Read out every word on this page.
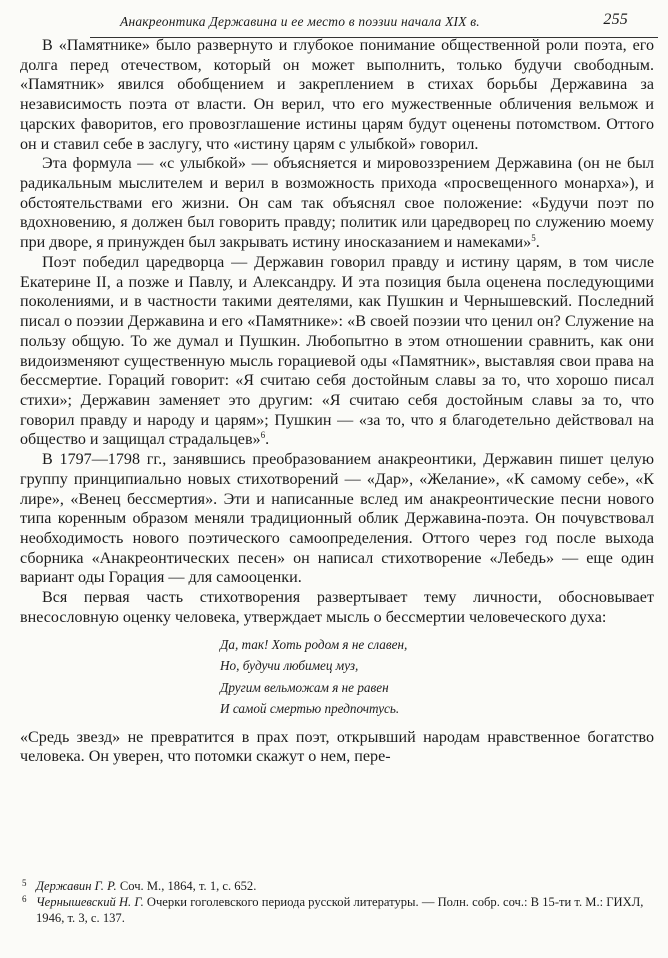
Анакреонтика Державина и ее место в поэзии начала XIX в.	255

В «Памятнике» было развернуто и глубокое понимание общественной роли поэта, его долга перед отечеством, который он может выполнить, только будучи свободным. «Памятник» явился обобщением и закреплением в стихах борьбы Державина за независимость поэта от власти. Он верил, что его мужественные обличения вельмож и царских фаворитов, его провозглашение истины царям будут оценены потомством. Оттого он и ставил себе в заслугу, что «истину царям с улыбкой» говорил.

Эта формула — «с улыбкой» — объясняется и мировоззрением Державина (он не был радикальным мыслителем и верил в возможность прихода «просвещенного монарха»), и обстоятельствами его жизни. Он сам так объяснял свое положение: «Будучи поэт по вдохновению, я должен был говорить правду; политик или царедворец по служению моему при дворе, я принужден был закрывать истину иносказанием и намеками»$^5$.

Поэт победил царедворца — Державин говорил правду и истину царям, в том числе Екатерине II, а позже и Павлу, и Александру. И эта позиция была оценена последующими поколениями, и в частности такими деятелями, как Пушкин и Чернышевский. Последний писал о поэзии Державина и его «Памятнике»: «В своей поэзии что ценил он? Служение на пользу общую. То же думал и Пушкин. Любопытно в этом отношении сравнить, как они видоизменяют существенную мысль горациевой оды «Памятник», выставляя свои права на бессмертие. Гораций говорит: «Я считаю себя достойным славы за то, что хорошо писал стихи»; Державин заменяет это другим: «Я считаю себя достойным славы за то, что говорил правду и народу и царям»; Пушкин — «за то, что я благодетельно действовал на общество и защищал страдальцев»$^6$.

В 1797—1798 гг., занявшись преобразованием анакреонтики, Державин пишет целую группу принципиально новых стихотворений — «Дар», «Желание», «К самому себе», «К лире», «Венец бессмертия». Эти и написанные вслед им анакреонтические песни нового типа коренным образом меняли традиционный облик Державина-поэта. Он почувствовал необходимость нового поэтического самоопределения. Оттого через год после выхода сборника «Анакреонтических песен» он написал стихотворение «Лебедь» — еще один вариант оды Горация — для самооценки.

Вся первая часть стихотворения развертывает тему личности, обосновывает внесословную оценку человека, утверждает мысль о бессмертии человеческого духа:

Да, так! Хоть родом я не славен,
Но, будучи любимец муз,
Другим вельможам я не равен
И самой смертью предпочтусь.

«Средь звезд» не превратится в прах поэт, открывший народам нравственное богатство человека. Он уверен, что потомки скажут о нем, пере-

5 Державин Г. Р. Соч. М., 1864, т. 1, с. 652.
6 Чернышевский Н. Г. Очерки гоголевского периода русской литературы. — Полн. собр. соч.: В 15-ти т. М.: ГИХЛ, 1946, т. 3, с. 137.
